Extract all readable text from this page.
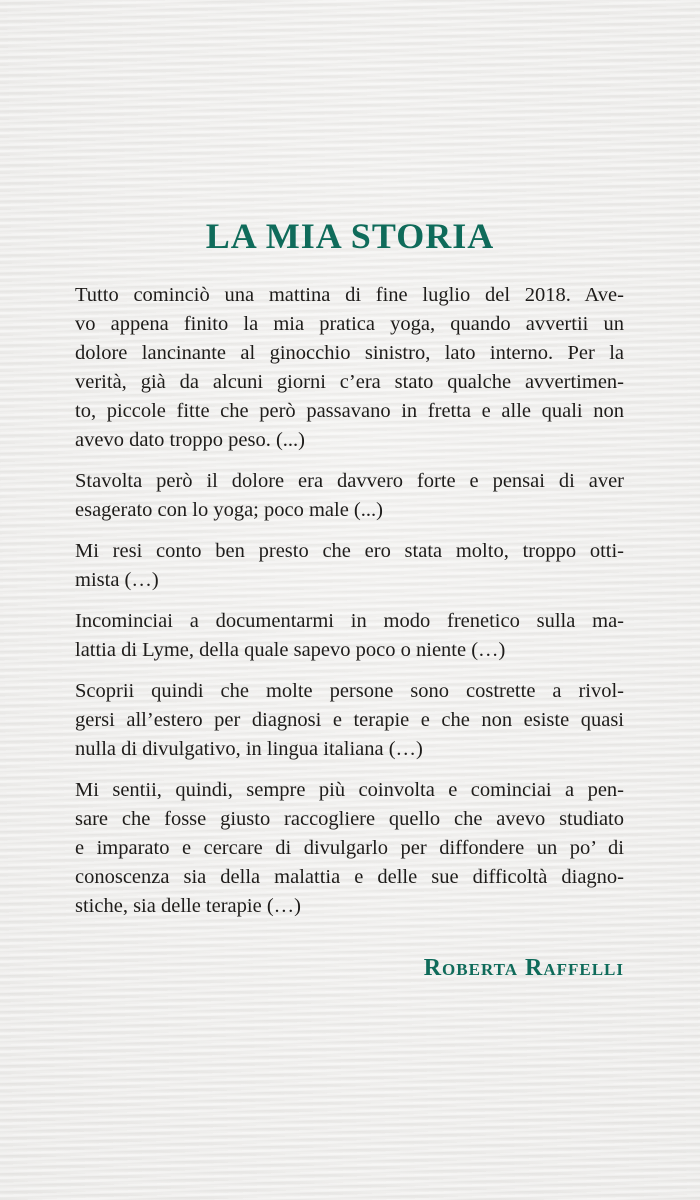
LA MIA STORIA

Tutto cominciò una mattina di fine luglio del 2018. Ave-
vo appena finito la mia pratica yoga, quando avvertii un
dolore lancinante al ginocchio sinistro, lato interno. Per la
verità, già da alcuni giorni c’era stato qualche avvertimen-
to, piccole fitte che però passavano in fretta e alle quali non
avevo dato troppo peso. (...)

Stavolta però il dolore era davvero forte e pensai di aver
esagerato con lo yoga; poco male (...)

Mi resi conto ben presto che ero stata molto, troppo otti-
mista (…)

Incominciai a documentarmi in modo frenetico sulla ma-
lattia di Lyme, della quale sapevo poco o niente (…)

Scoprii quindi che molte persone sono costrette a rivol-
gersi all’estero per diagnosi e terapie e che non esiste quasi
nulla di divulgativo, in lingua italiana (…)

Mi sentii, quindi, sempre più coinvolta e cominciai a pen-
sare che fosse giusto raccogliere quello che avevo studiato
e imparato e cercare di divulgarlo per diffondere un po’ di
conoscenza sia della malattia e delle sue difficoltà diagno-
stiche, sia delle terapie (…)

Roberta Raffelli
